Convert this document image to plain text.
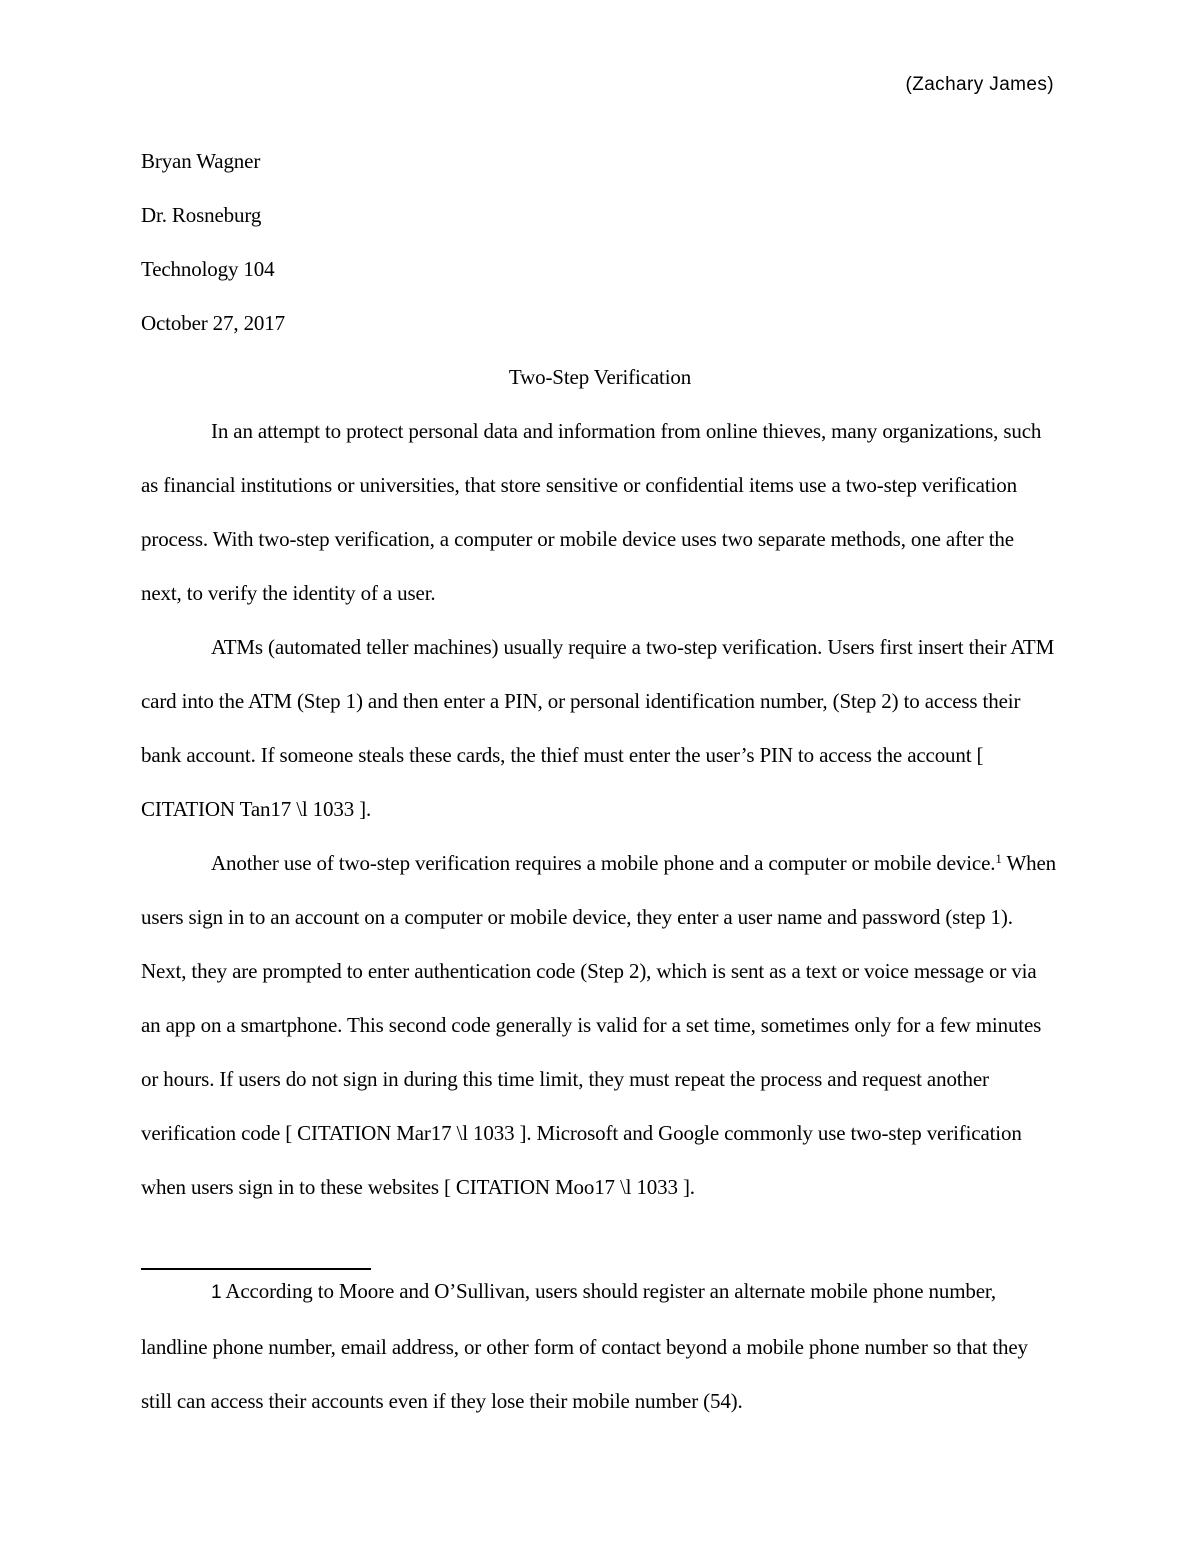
(Zachary James)

Bryan Wagner

Dr. Rosneburg

Technology 104

October 27, 2017

Two-Step Verification

In an attempt to protect personal data and information from online thieves, many organizations, such as financial institutions or universities, that store sensitive or confidential items use a two-step verification process. With two-step verification, a computer or mobile device uses two separate methods, one after the next, to verify the identity of a user.

ATMs (automated teller machines) usually require a two-step verification. Users first insert their ATM card into the ATM (Step 1) and then enter a PIN, or personal identification number, (Step 2) to access their bank account. If someone steals these cards, the thief must enter the user’s PIN to access the account [ CITATION Tan17 \l 1033 ].

Another use of two-step verification requires a mobile phone and a computer or mobile device.$^1$ When users sign in to an account on a computer or mobile device, they enter a user name and password (step 1). Next, they are prompted to enter authentication code (Step 2), which is sent as a text or voice message or via an app on a smartphone. This second code generally is valid for a set time, sometimes only for a few minutes or hours. If users do not sign in during this time limit, they must repeat the process and request another verification code [ CITATION Mar17 \l 1033 ]. Microsoft and Google commonly use two-step verification when users sign in to these websites [ CITATION Moo17 \l 1033 ].

1 According to Moore and O’Sullivan, users should register an alternate mobile phone number, landline phone number, email address, or other form of contact beyond a mobile phone number so that they still can access their accounts even if they lose their mobile number (54).
